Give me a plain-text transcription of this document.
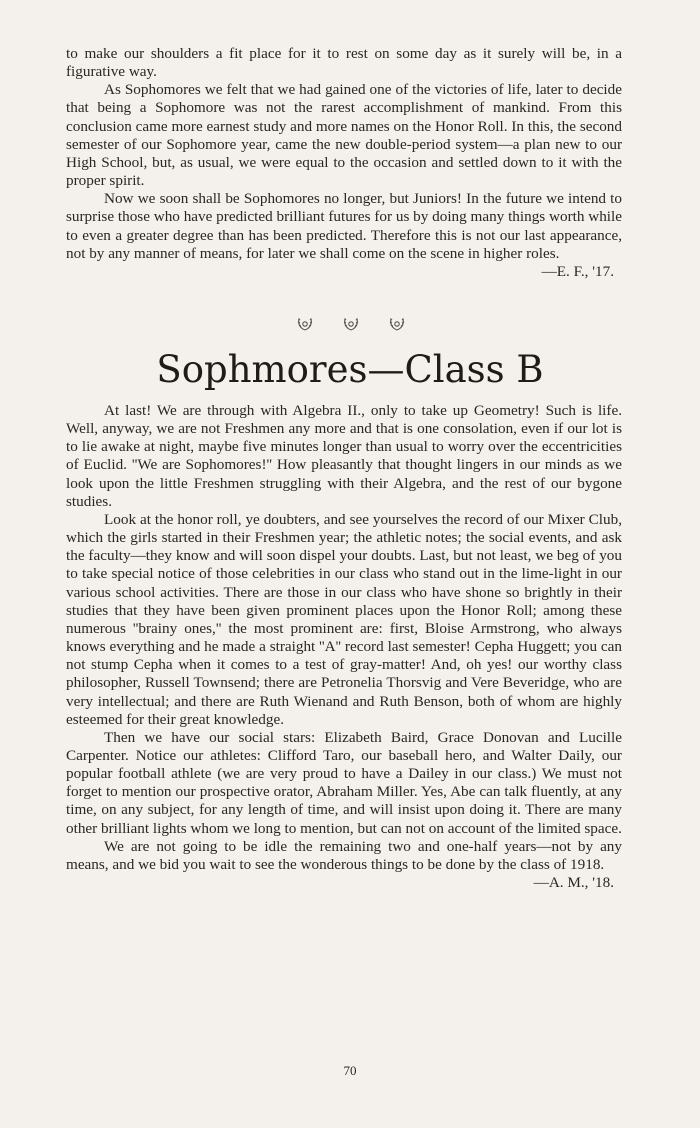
to make our shoulders a fit place for it to rest on some day as it surely will be, in a figurative way.

As Sophomores we felt that we had gained one of the victories of life, later to decide that being a Sophomore was not the rarest accomplishment of mankind. From this conclusion came more earnest study and more names on the Honor Roll. In this, the second semester of our Sophomore year, came the new double-period system—a plan new to our High School, but, as usual, we were equal to the occasion and settled down to it with the proper spirit.

Now we soon shall be Sophomores no longer, but Juniors! In the future we intend to surprise those who have predicted brilliant futures for us by doing many things worth while to even a greater degree than has been predicted. Therefore this is not our last appearance, not by any manner of means, for later we shall come on the scene in higher roles.
—E. F., '17.

Sophmores—Class B

At last! We are through with Algebra II., only to take up Geometry! Such is life. Well, anyway, we are not Freshmen any more and that is one consolation, even if our lot is to lie awake at night, maybe five minutes longer than usual to worry over the eccentricities of Euclid. ''We are Sophomores!'' How pleasantly that thought lingers in our minds as we look upon the little Freshmen struggling with their Algebra, and the rest of our bygone studies.

Look at the honor roll, ye doubters, and see yourselves the record of our Mixer Club, which the girls started in their Freshmen year; the athletic notes; the social events, and ask the faculty—they know and will soon dispel your doubts. Last, but not least, we beg of you to take special notice of those celebrities in our class who stand out in the lime-light in our various school activities. There are those in our class who have shone so brightly in their studies that they have been given prominent places upon the Honor Roll; among these numerous ''brainy ones,'' the most prominent are: first, Bloise Armstrong, who always knows everything and he made a straight ''A'' record last semester! Cepha Huggett; you can not stump Cepha when it comes to a test of gray-matter! And, oh yes! our worthy class philosopher, Russell Townsend; there are Petronelia Thorsvig and Vere Beveridge, who are very intellectual; and there are Ruth Wienand and Ruth Benson, both of whom are highly esteemed for their great knowledge.

Then we have our social stars: Elizabeth Baird, Grace Donovan and Lucille Carpenter. Notice our athletes: Clifford Taro, our baseball hero, and Walter Daily, our popular football athlete (we are very proud to have a Dailey in our class.) We must not forget to mention our prospective orator, Abraham Miller. Yes, Abe can talk fluently, at any time, on any subject, for any length of time, and will insist upon doing it. There are many other brilliant lights whom we long to mention, but can not on account of the limited space.

We are not going to be idle the remaining two and one-half years—not by any means, and we bid you wait to see the wonderous things to be done by the class of 1918.
—A. M., '18.

70
